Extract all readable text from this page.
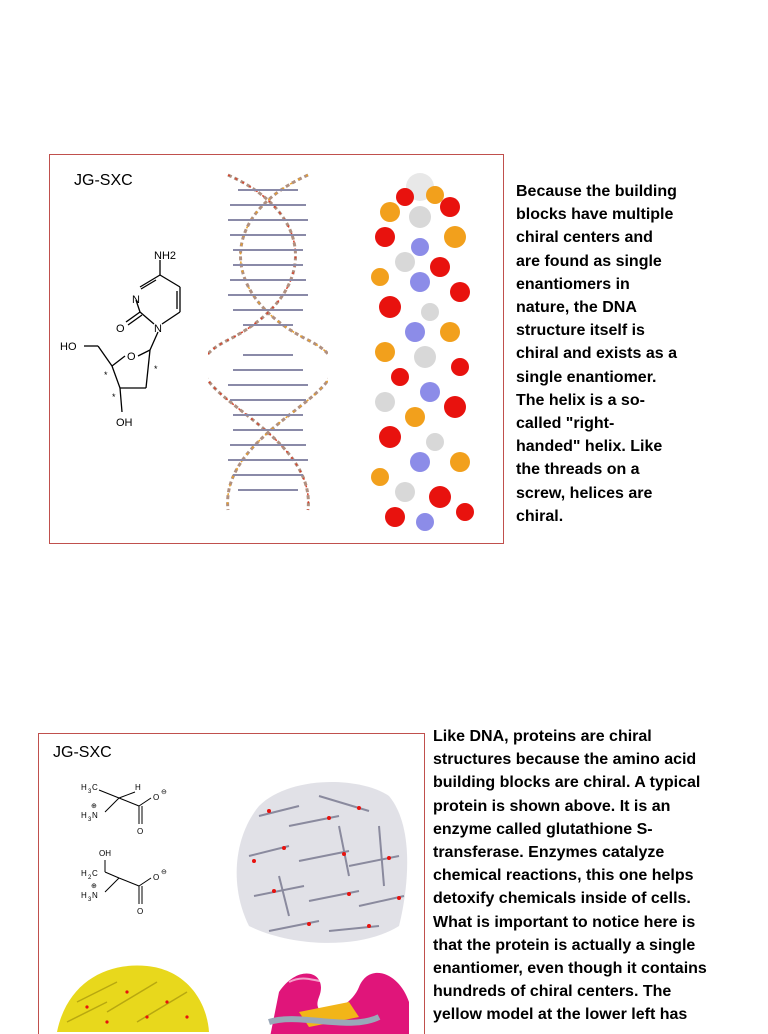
JG-SXC
NH2
N
N
O
O
HO
OH
*
*
*
Because the building
blocks have multiple
chiral centers and
are found as single
enantiomers in
nature, the DNA
structure itself is
chiral and exists as a
single enantiomer.
The helix is a so-
called "right-
handed" helix. Like
the threads on a
screw, helices are
chiral.
JG-SXC
H 3 C	H
H 3 N
⊕
O
⊖
O
OH
H 2 C
H 3 N
⊕
O
⊖
O
Like DNA, proteins are chiral
structures because the amino acid
building blocks are chiral. A typical
protein is shown above. It is an
enzyme called glutathione S-
transferase. Enzymes catalyze
chemical reactions, this one helps
detoxify chemicals inside of cells.
What is important to notice here is
that the protein is actually a single
enantiomer, even though it contains
hundreds of chiral centers. The
yellow model at the lower left has
